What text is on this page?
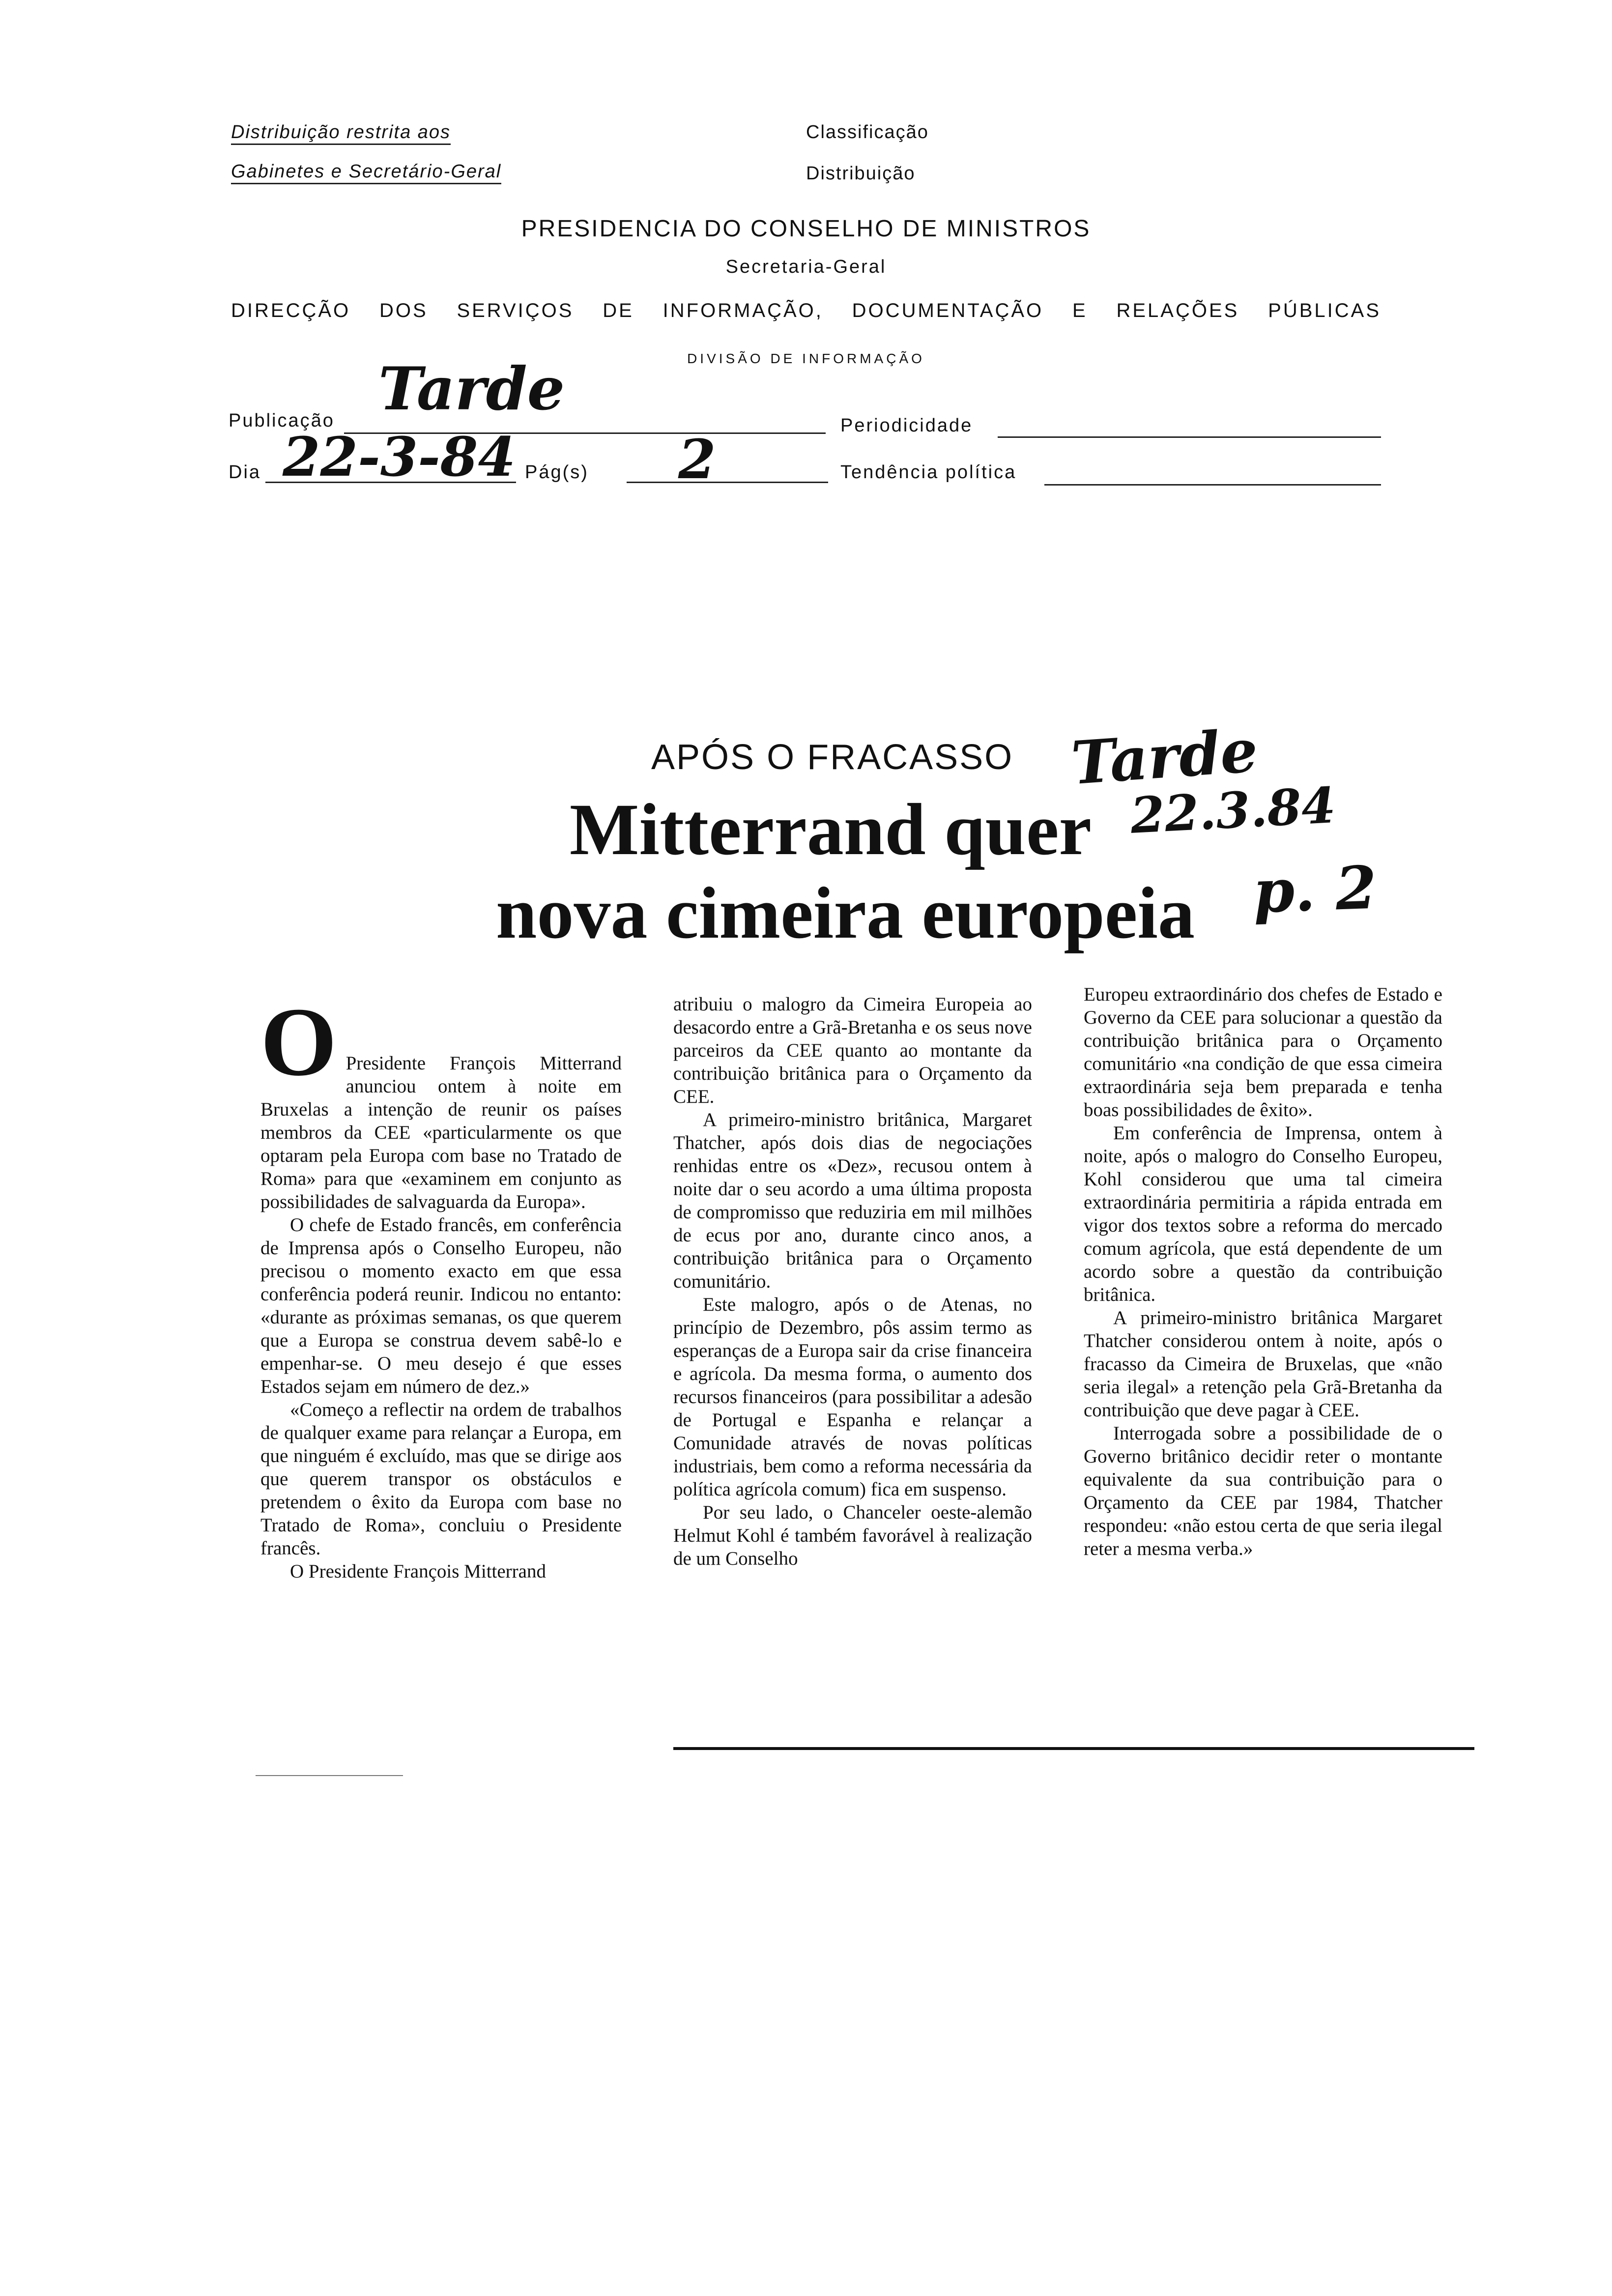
Distribuição restrita aos
Gabinetes e Secretário-Geral
Classificação
Distribuição
PRESIDENCIA DO CONSELHO DE MINISTROS
Secretaria-Geral
DIRECÇÃO DOS SERVIÇOS DE INFORMAÇÃO, DOCUMENTAÇÃO E RELAÇÕES PÚBLICAS
DIVISÃO DE INFORMAÇÃO
Publicação Tarde
Periodicidade
Dia 22-3-84 Pág(s) 2	Tendência política
Tarde
22.3.84
p. 2
APÓS O FRACASSO
Mitterrand quer
nova cimeira europeia
O Presidente François Mitterrand anunciou ontem à noite em Bruxelas a intenção de reunir os países membros da CEE «particularmente os que optaram pela Europa com base no Tratado de Roma» para que «examinem em conjunto as possibilidades de salvaguarda da Europa».

O chefe de Estado francês, em conferência de Imprensa após o Conselho Europeu, não precisou o momento exacto em que essa conferência poderá reunir. Indicou no entanto: «durante as próximas semanas, os que querem que a Europa se construa devem sabê-lo e empenhar-se. O meu desejo é que esses Estados sejam em número de dez.»

«Começo a reflectir na ordem de trabalhos de qualquer exame para relançar a Europa, em que ninguém é excluído, mas que se dirige aos que querem transpor os obstáculos e pretendem o êxito da Europa com base no Tratado de Roma», concluiu o Presidente francês.

O Presidente François Mitterrand

atribuiu o malogro da Cimeira Europeia ao desacordo entre a Grã-Bretanha e os seus nove parceiros da CEE quanto ao montante da contribuição britânica para o Orçamento da CEE.

A primeiro-ministro britânica, Margaret Thatcher, após dois dias de negociações renhidas entre os «Dez», recusou ontem à noite dar o seu acordo a uma última proposta de compromisso que reduziria em mil milhões de ecus por ano, durante cinco anos, a contribuição britânica para o Orçamento comunitário.

Este malogro, após o de Atenas, no princípio de Dezembro, pôs assim termo as esperanças de a Europa sair da crise financeira e agrícola. Da mesma forma, o aumento dos recursos financeiros (para possibilitar a adesão de Portugal e Espanha e relançar a Comunidade através de novas políticas industriais, bem como a reforma necessária da política agrícola comum) fica em suspenso.

Por seu lado, o Chanceler oeste-alemão Helmut Kohl é também favorável à realização de um Conselho

Europeu extraordinário dos chefes de Estado e Governo da CEE para solucionar a questão da contribuição britânica para o Orçamento comunitário «na condição de que essa cimeira extraordinária seja bem preparada e tenha boas possibilidades de êxito».

Em conferência de Imprensa, ontem à noite, após o malogro do Conselho Europeu, Kohl considerou que uma tal cimeira extraordinária permitiria a rápida entrada em vigor dos textos sobre a reforma do mercado comum agrícola, que está dependente de um acordo sobre a questão da contribuição britânica.

A primeiro-ministro britânica Margaret Thatcher considerou ontem à noite, após o fracasso da Cimeira de Bruxelas, que «não seria ilegal» a retenção pela Grã-Bretanha da contribuição que deve pagar à CEE.

Interrogada sobre a possibilidade de o Governo britânico decidir reter o montante equivalente da sua contribuição para o Orçamento da CEE par 1984, Thatcher respondeu: «não estou certa de que seria ilegal reter a mesma verba.»
